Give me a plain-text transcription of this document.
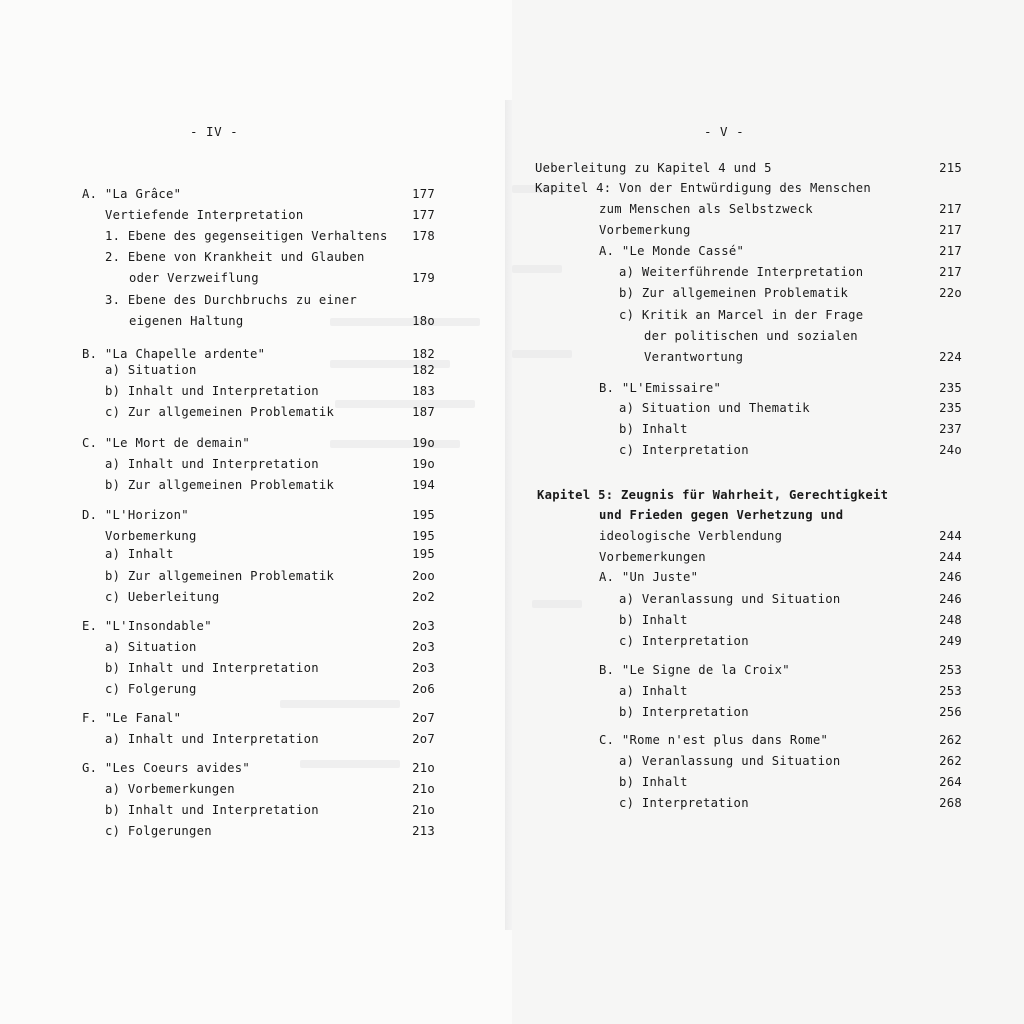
- IV -
A. "La Grâce"	177
Vertiefende Interpretation	177
1. Ebene des gegenseitigen Verhaltens 178
2. Ebene von Krankheit und Glauben
oder Verzweiflung	179
3. Ebene des Durchbruchs zu einer
eigenen Haltung	18o
B. "La Chapelle ardente"	182
a) Situation	182
b) Inhalt und Interpretation	183
c) Zur allgemeinen Problematik	187
C. "Le Mort de demain"	19o
a) Inhalt und Interpretation	19o
b) Zur allgemeinen Problematik	194
D. "L'Horizon"	195
Vorbemerkung	195
a) Inhalt	195
b) Zur allgemeinen Problematik	2oo
c) Ueberleitung	2o2
E. "L'Insondable"	2o3
a) Situation	2o3
b) Inhalt und Interpretation	2o3
c) Folgerung	2o6
F. "Le Fanal"	2o7
a) Inhalt und Interpretation	2o7
G. "Les Coeurs avides"	21o
a) Vorbemerkungen	21o
b) Inhalt und Interpretation	21o
c) Folgerungen	213
- V -
Ueberleitung zu Kapitel 4 und 5	215
Kapitel 4: Von der Entwürdigung des Menschen
zum Menschen als Selbstzweck	217
Vorbemerkung	217
A. "Le Monde Cassé"	217
a) Weiterführende Interpretation	217
b) Zur allgemeinen Problematik	22o
c) Kritik an Marcel in der Frage
der politischen und sozialen
Verantwortung	224
B. "L'Emissaire"	235
a) Situation und Thematik	235
b) Inhalt	237
c) Interpretation	24o
Kapitel 5: Zeugnis für Wahrheit, Gerechtigkeit
und Frieden gegen Verhetzung und
ideologische Verblendung	244
Vorbemerkungen	244
A. "Un Juste"	246
a) Veranlassung und Situation	246
b) Inhalt	248
c) Interpretation	249
B. "Le Signe de la Croix"	253
a) Inhalt	253
b) Interpretation	256
C. "Rome n'est plus dans Rome"	262
a) Veranlassung und Situation	262
b) Inhalt	264
c) Interpretation	268
